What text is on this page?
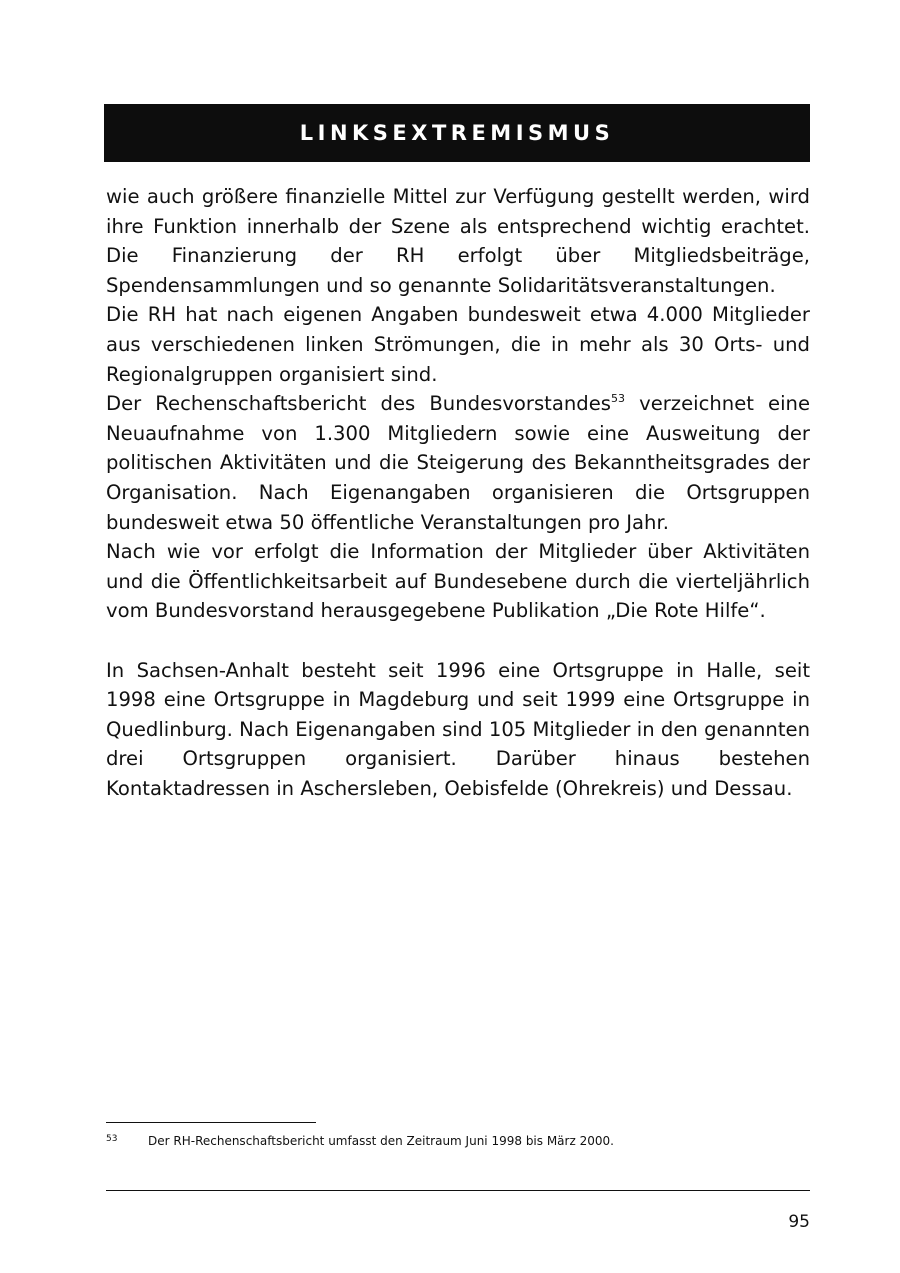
LINKSEXTREMISMUS

wie auch größere finanzielle Mittel zur Verfügung gestellt werden, wird ihre Funktion innerhalb der Szene als entsprechend wichtig erachtet. Die Finanzierung der RH erfolgt über Mitgliedsbeiträge, Spendensammlungen und so genannte Solidaritätsveranstaltungen.

Die RH hat nach eigenen Angaben bundesweit etwa 4.000 Mitglieder aus verschiedenen linken Strömungen, die in mehr als 30 Orts- und Regionalgruppen organisiert sind.

Der Rechenschaftsbericht des Bundesvorstandes$^{53}$ verzeichnet eine Neuaufnahme von 1.300 Mitgliedern sowie eine Ausweitung der politischen Aktivitäten und die Steigerung des Bekanntheitsgrades der Organisation. Nach Eigenangaben organisieren die Ortsgruppen bundesweit etwa 50 öffentliche Veranstaltungen pro Jahr.

Nach wie vor erfolgt die Information der Mitglieder über Aktivitäten und die Öffentlichkeitsarbeit auf Bundesebene durch die vierteljährlich vom Bundesvorstand herausgegebene Publikation „Die Rote Hilfe“.

In Sachsen-Anhalt besteht seit 1996 eine Ortsgruppe in Halle, seit 1998 eine Ortsgruppe in Magdeburg und seit 1999 eine Ortsgruppe in Quedlinburg. Nach Eigenangaben sind 105 Mitglieder in den genannten drei Ortsgruppen organisiert. Darüber hinaus bestehen Kontaktadressen in Aschersleben, Oebisfelde (Ohrekreis) und Dessau.

53	Der RH-Rechenschaftsbericht umfasst den Zeitraum Juni 1998 bis März 2000.
95
